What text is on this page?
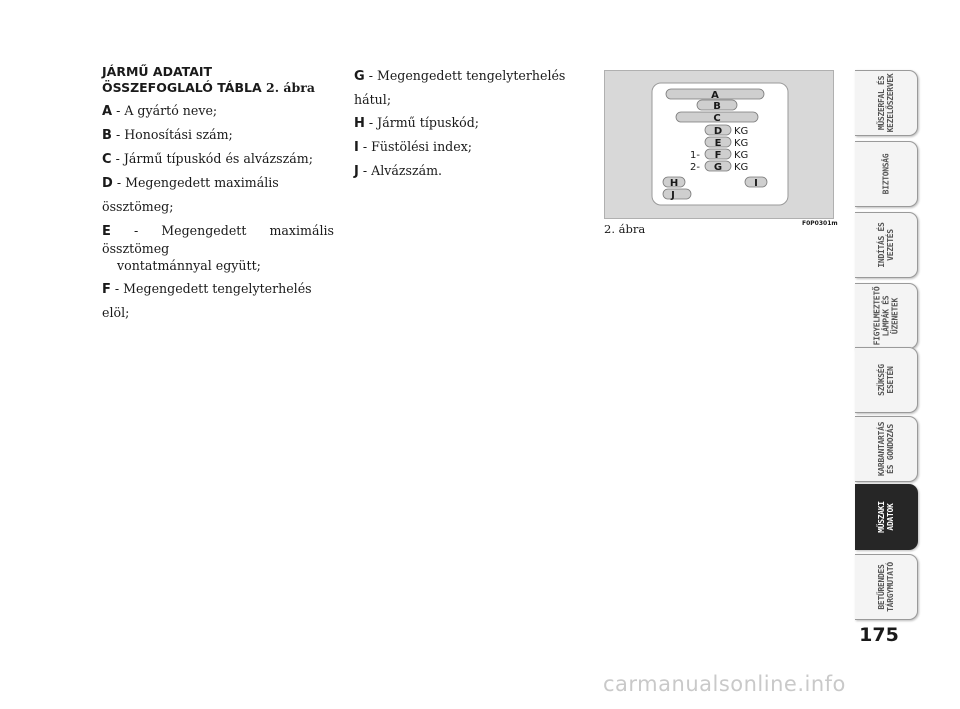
JÁRMŰ ADATAIT
ÖSSZEFOGLALÓ TÁBLA 2. ábra
A - A gyártó neve;
B - Honosítási szám;
C - Jármű típuskód és alvázszám;
D - Megengedett maximális össztömeg;
E - Megengedett maximális össztömeg
vontatmánnyal együtt;
F - Megengedett tengelyterhelés elöl;
G - Megengedett tengelyterhelés hátul;
H - Jármű típuskód;
I - Füstölési index;
J - Alvázszám.
A
B
C
D
E
F
G
H	I
J
KG
KG
KG
KG
1-
2-
2. ábra	F0P0301m
MŰSZERFAL ÉS
KEZELŐSZERVEK
BIZTONSÁG
INDÍTÁS ÉS
VEZETÉS
FIGYELMEZTETŐ
LÁMPÁK ÉS
ÜZENETEK
SZÜKSÉG
ESETÉN
KARBANTARTÁS
ÉS GONDOZÁS
MŰSZAKI
ADATOK
BETŰRENDES
TÁRGYMUTATÓ
175
carmanualsonline.info
